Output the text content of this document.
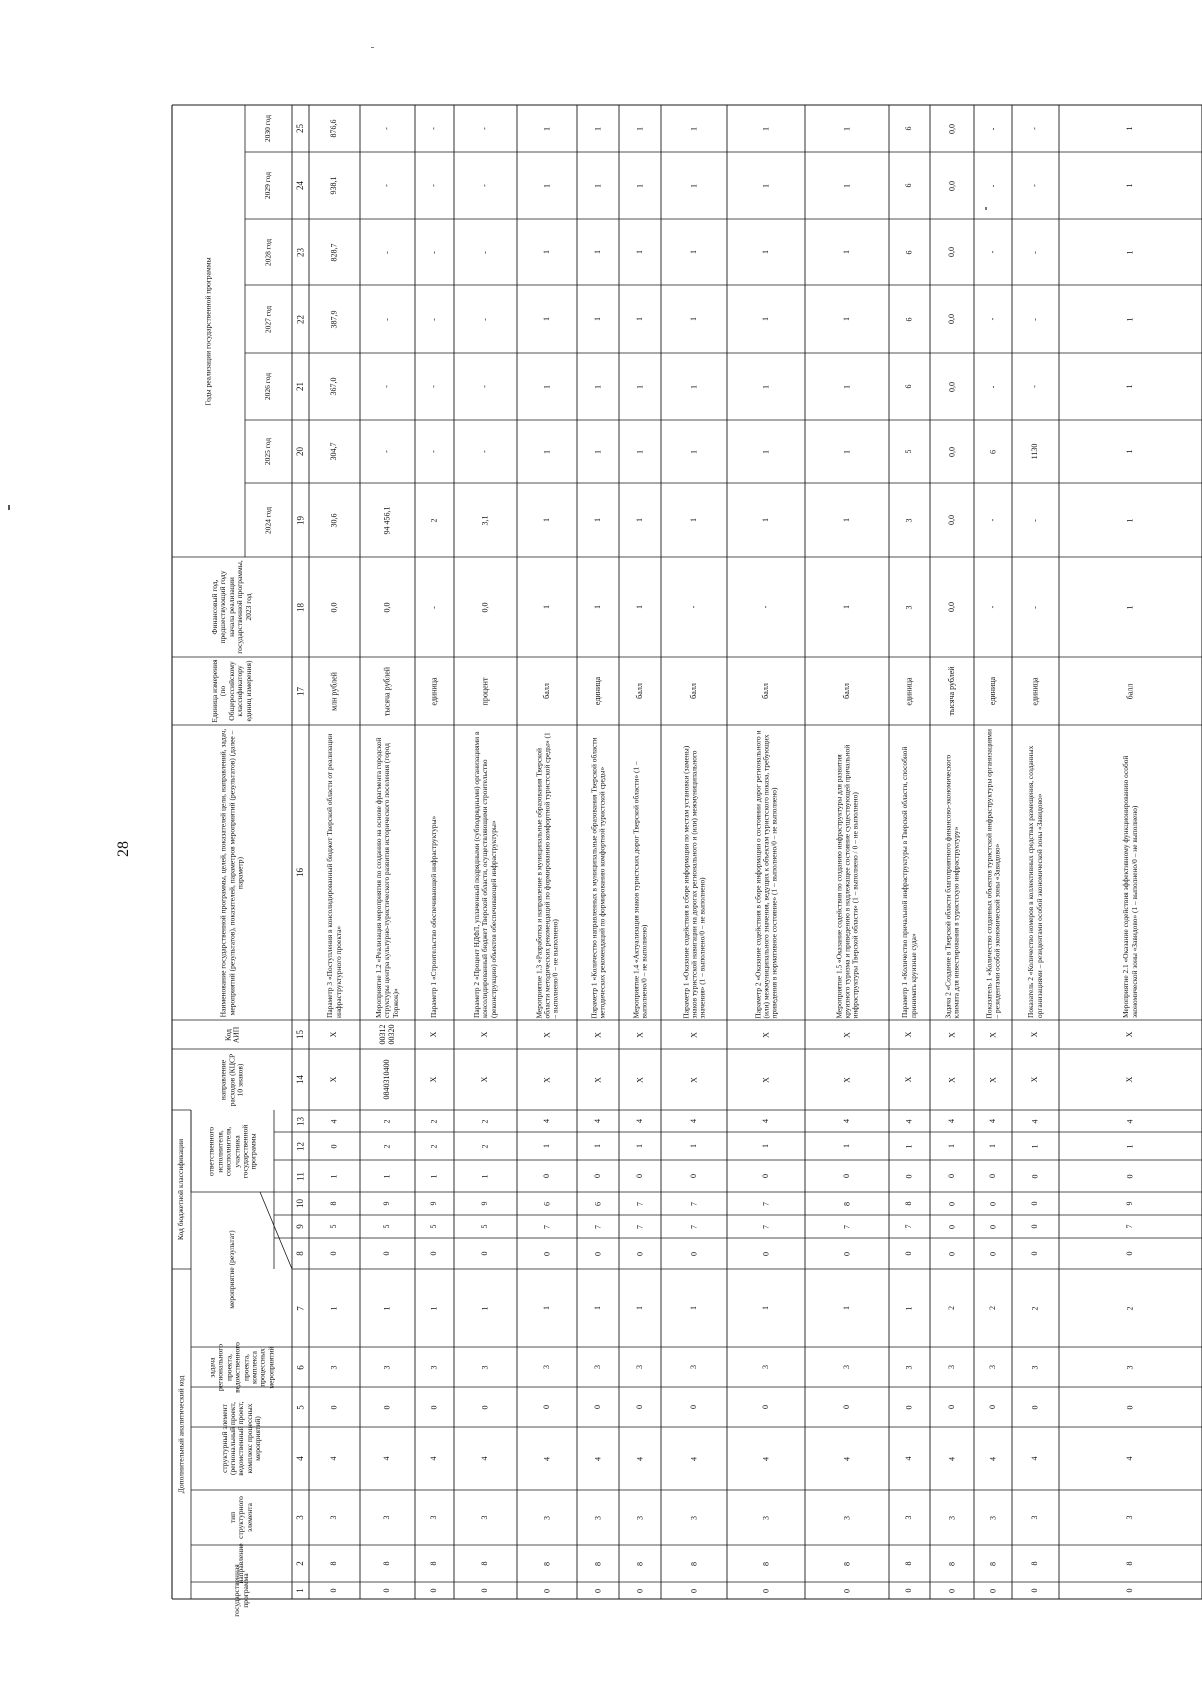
28
Дополнительный аналитический код
Код бюджетной классификации
государственная программа
направление
тип структурного элемента
структурный элемент (региональный проект, ведомственный проект, комплекс процессных мероприятий)
задача регионального проекта, ведомственного проекта, комплекса процессных мероприятий
мероприятие (результат)
ответственного исполнителя, соисполнителя, участника государственной программы
направление расходов (КЦСР 10 знаков)
Код АИП
Наименование государственной программы, целей, показателей цели, направлений, задач, мероприятий (результатов), показателей, параметров мероприятий (результатов) (далее – параметр)
Единица измерения (по Общероссийскому классификатору единиц измерения)
Финансовый год, предшествующий году начала реализации государственной программы, 2023 год
Годы реализации государственной программы
2024 год
2025 год
2026 год
2027 год
2028 год
2029 год
2030 год
1
2
3
4
5
6
7
8
9
10
11
12
13
14
15
16
17
18
19
20
21
22
23
24
25
0
8
3
4
0
3
1
0
5
8
1
0
4
Х
Х
Параметр 3 «Поступления в консолидированный бюджет Тверской области от реализации инфраструктурного проекта»
млн рублей
0,0
30,6
304,7
367,0
387,9
828,7
938,1
876,6
0
8
3
4
0
3
1
0
5
9
1
2
2
0840310400
00312 00320
Мероприятие 1.2 «Реализация мероприятия по созданию на основе фрагмента городской структуры центра культурно-туристического развития исторического поселения (город Торжок)»
тысяча рублей
0,0
94 456,1
-
-
-
-
-
-
0
8
3
4
0
3
1
0
5
9
1
2
2
Х
Х
Параметр 1 «Строительство обеспечивающей инфраструктуры»
единица
-
2
-
-
-
-
-
-
0
8
3
4
0
3
1
0
5
9
1
2
2
Х
Х
Параметр 2 «Процент НДФЛ, уплаченный подрядными (субподрядными) организациями в консолидированный бюджет Тверской области, осуществляющими строительство (реконструкцию) объектов обеспечивающей инфраструктуры»
процент
0,0
3,1
-
-
-
-
-
-
0
8
3
4
0
3
1
0
7
6
0
1
4
Х
Х
Мероприятие 1.3 «Разработка и направление в муниципальные образования Тверской области методических рекомендаций по формированию комфортной туристской среды» (1 – выполнено/0 – не выполнено)
балл
1
1
1
1
1
1
1
1
0
8
3
4
0
3
1
0
7
6
0
1
4
Х
Х
Параметр 1 «Количество направленных в муниципальные образования Тверской области методических рекомендаций по формированию комфортной туристской среды»
единица
1
1
1
1
1
1
1
1
0
8
3
4
0
3
1
0
7
7
0
1
4
Х
Х
Мероприятие 1.4 «Актуализация знаков туристских дорог Тверской области» (1 – выполнено/0 – не выполнено)
балл
1
1
1
1
1
1
1
1
0
8
3
4
0
3
1
0
7
7
0
1
4
Х
Х
Параметр 1 «Оказание содействия в сборе информации по местам установки (замены) знаков туристской навигации на дорогах регионального и (или) межмуниципального значения» (1 – выполнено/0 – не выполнено)
балл
-
1
1
1
1
1
1
1
0
8
3
4
0
3
1
0
7
7
0
1
4
Х
Х
Параметр 2 «Оказание содействия в сборе информации о состоянии дорог регионального и (или) межмуниципального значения, ведущих к объектам туристского показа, требующих приведения в нормативное состояние» (1 – выполнено/0 – не выполнено)
балл
-
1
1
1
1
1
1
1
0
8
3
4
0
3
1
0
7
8
0
1
4
Х
Х
Мероприятие 1.5 «Оказание содействия по созданию инфраструктуры для развития круизного туризма и приведению в надлежащее состояние существующей причальной инфраструктуры Тверской области» (1 – выполнено / 0 – не выполнено)
балл
1
1
1
1
1
1
1
1
0
8
3
4
0
3
1
0
7
8
0
1
4
Х
Х
Параметр 1 «Количество причальной инфраструктуры в Тверской области, способной принимать круизные суда»
единица
3
3
5
6
6
6
6
6
0
8
3
4
0
3
2
0
0
0
0
1
4
Х
Х
Задача 2 «Создание в Тверской области благоприятного финансово-экономического климата для инвестирования в туристскую инфраструктуру»
тысяча рублей
0,0
0,0
0,0
0,0
0,0
0,0
0,0
0,0
0
8
3
4
0
3
2
0
0
0
0
1
4
Х
Х
Показатель 1 «Количество созданных объектов туристской инфраструктуры организациями – резидентами особой экономической зоны «Завидово»
единица
-
-
6
-
-
-
-
-
0
8
3
4
0
3
2
0
0
0
0
1
4
Х
Х
Показатель 2 «Количество номеров в коллективных средствах размещения, созданных организациями – резидентами особой экономической зоны «Завидово»
единица
-
-
1130
-
-
-
-
-
0
8
3
4
0
3
2
0
7
9
0
1
4
Х
Х
Мероприятие 2.1 «Оказание содействия эффективному функционированию особой экономической зоны «Завидово» (1 – выполнено/0 – не выполнено)
балл
1
1
1
1
1
1
1
1
